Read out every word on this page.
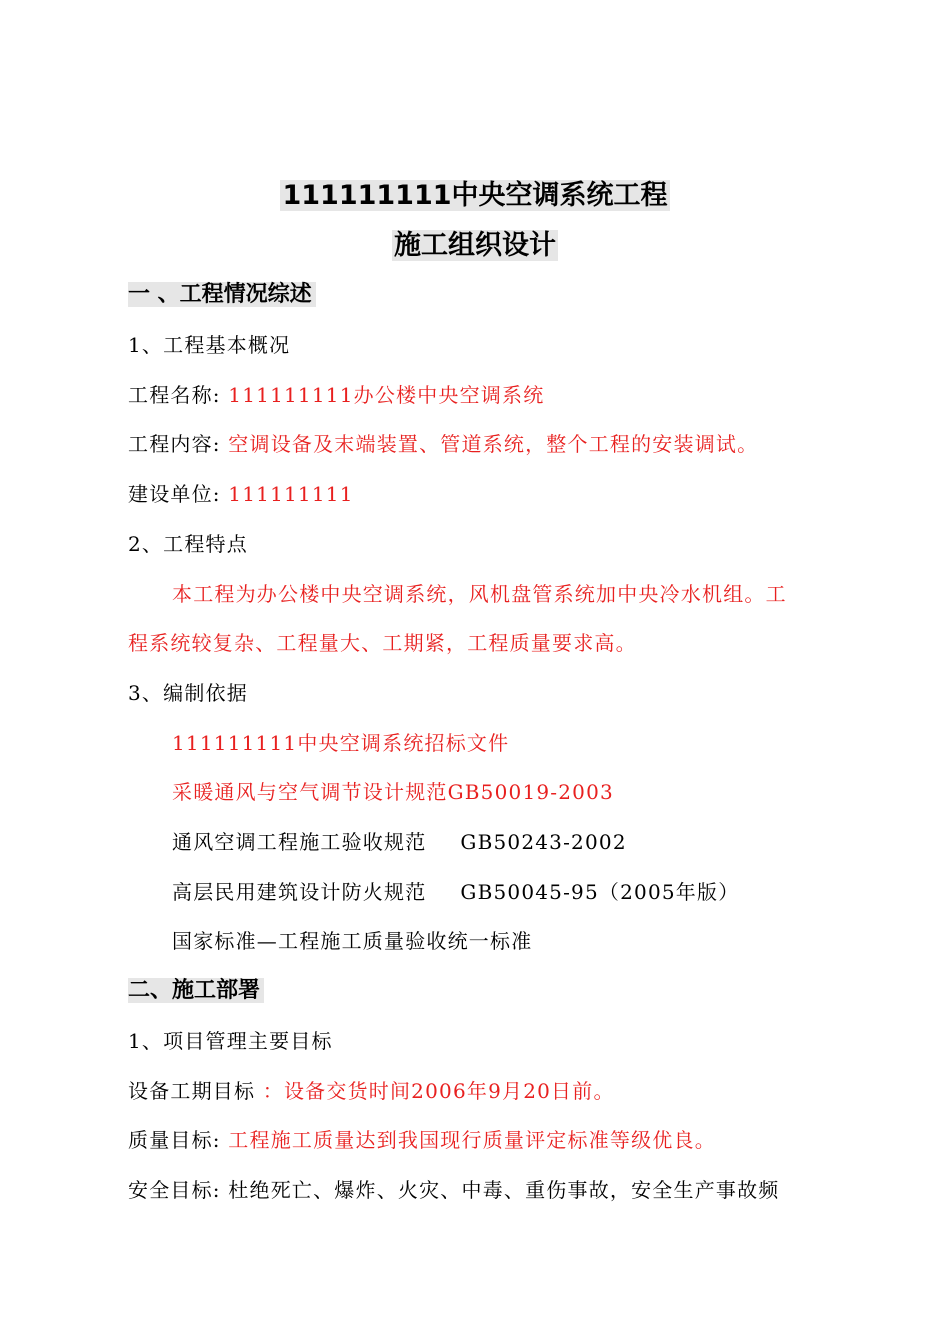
111111111中央空调系统工程
施工组织设计
一 、工程情况综述
1、工程基本概况
工程名称: 111111111办公楼中央空调系统
工程内容: 空调设备及末端装置、管道系统，整个工程的安装调试。
建设单位: 111111111
2、工程特点
本工程为办公楼中央空调系统，风机盘管系统加中央冷水机组。工
程系统较复杂、工程量大、工期紧，工程质量要求高。
3、编制依据
111111111中央空调系统招标文件
采暖通风与空气调节设计规范GB50019-2003
通风空调工程施工验收规范 GB50243-2002
高层民用建筑设计防火规范 GB50045-95（2005年版）
国家标准—工程施工质量验收统一标准
二、施工部署
1、项目管理主要目标
设备工期目标 ：设备交货时间2006年9月20日前。
质量目标: 工程施工质量达到我国现行质量评定标准等级优良。
安全目标: 杜绝死亡、爆炸、火灾、中毒、重伤事故，安全生产事故频
